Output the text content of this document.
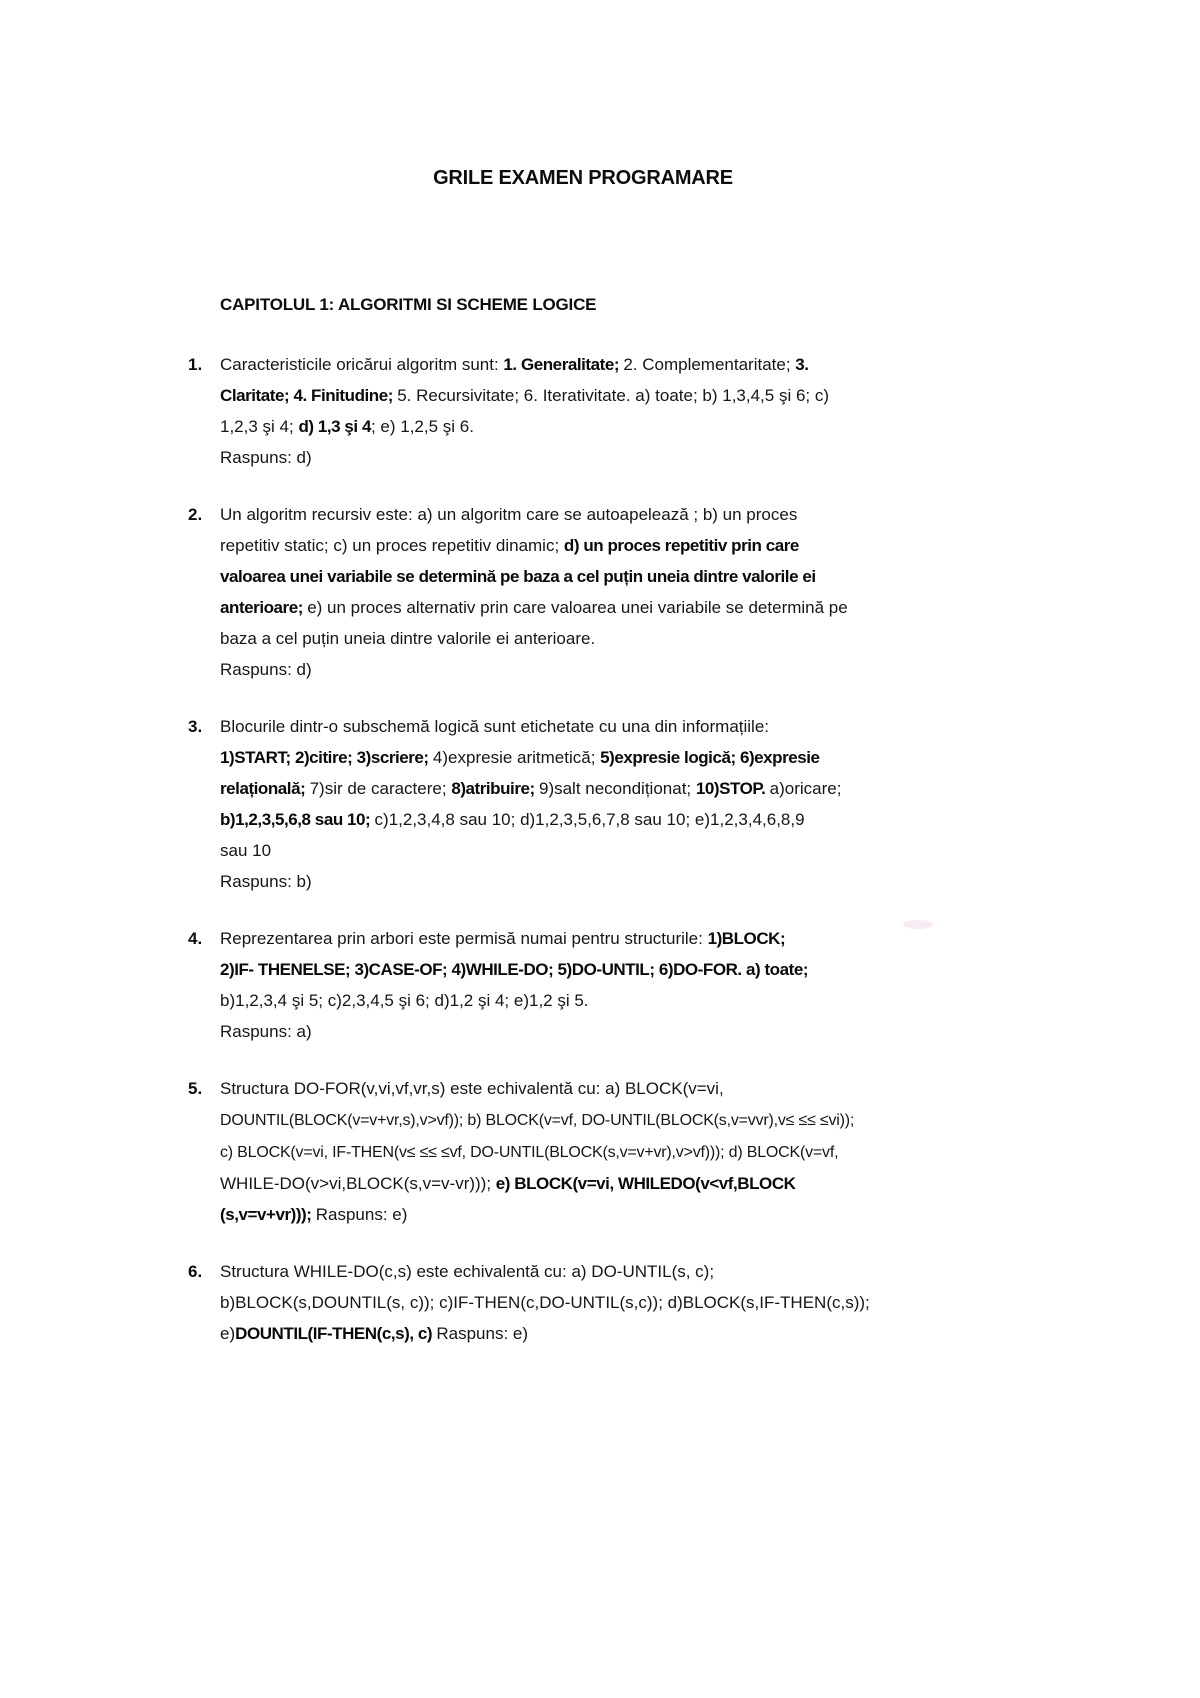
GRILE EXAMEN PROGRAMARE
CAPITOLUL 1: ALGORITMI SI SCHEME LOGICE
1.	Caracteristicile oricărui algoritm sunt: 1. Generalitate; 2. Complementaritate; 3.
Claritate; 4. Finitudine; 5. Recursivitate; 6. Iterativitate. a) toate; b) 1,3,4,5 şi 6; c)
1,2,3 şi 4; d) 1,3 şi 4; e) 1,2,5 şi 6.
Raspuns: d)
2.	Un algoritm recursiv este: a) un algoritm care se autoapelează ; b) un proces
repetitiv static; c) un proces repetitiv dinamic; d) un proces repetitiv prin care
valoarea unei variabile se determină pe baza a cel puțin uneia dintre valorile ei
anterioare; e) un proces alternativ prin care valoarea unei variabile se determină pe
baza a cel puțin uneia dintre valorile ei anterioare.
Raspuns: d)
3.	Blocurile dintr-o subschemă logică sunt etichetate cu una din informațiile:
1)START; 2)citire; 3)scriere; 4)expresie aritmetică; 5)expresie logică; 6)expresie
relațională; 7)sir de caractere; 8)atribuire; 9)salt necondiționat; 10)STOP. a)oricare;
b)1,2,3,5,6,8 sau 10; c)1,2,3,4,8 sau 10; d)1,2,3,5,6,7,8 sau 10; e)1,2,3,4,6,8,9
sau 10
Raspuns: b)
4.	Reprezentarea prin arbori este permisă numai pentru structurile: 1)BLOCK;
2)IF- THENELSE; 3)CASE-OF; 4)WHILE-DO; 5)DO-UNTIL; 6)DO-FOR. a) toate;
b)1,2,3,4 şi 5; c)2,3,4,5 şi 6; d)1,2 şi 4; e)1,2 şi 5.
Raspuns: a)
5.	Structura DO-FOR(v,vi,vf,vr,s) este echivalentă cu: a) BLOCK(v=vi,
DOUNTIL(BLOCK(v=v+vr,s),v>vf)); b) BLOCK(v=vf, DO-UNTIL(BLOCK(s,v=vvr),v≤ ≤≤ ≤vi));
c) BLOCK(v=vi, IF-THEN(v≤ ≤≤ ≤vf, DO-UNTIL(BLOCK(s,v=v+vr),v>vf))); d) BLOCK(v=vf,
WHILE-DO(v>vi,BLOCK(s,v=v-vr))); e) BLOCK(v=vi, WHILEDO(v<vf,BLOCK
(s,v=v+vr))); Raspuns: e)
6.	Structura WHILE-DO(c,s) este echivalentă cu: a) DO-UNTIL(s, c);
b)BLOCK(s,DOUNTIL(s, c)); c)IF-THEN(c,DO-UNTIL(s,c)); d)BLOCK(s,IF-THEN(c,s));
e)DOUNTIL(IF-THEN(c,s), c) Raspuns: e)
